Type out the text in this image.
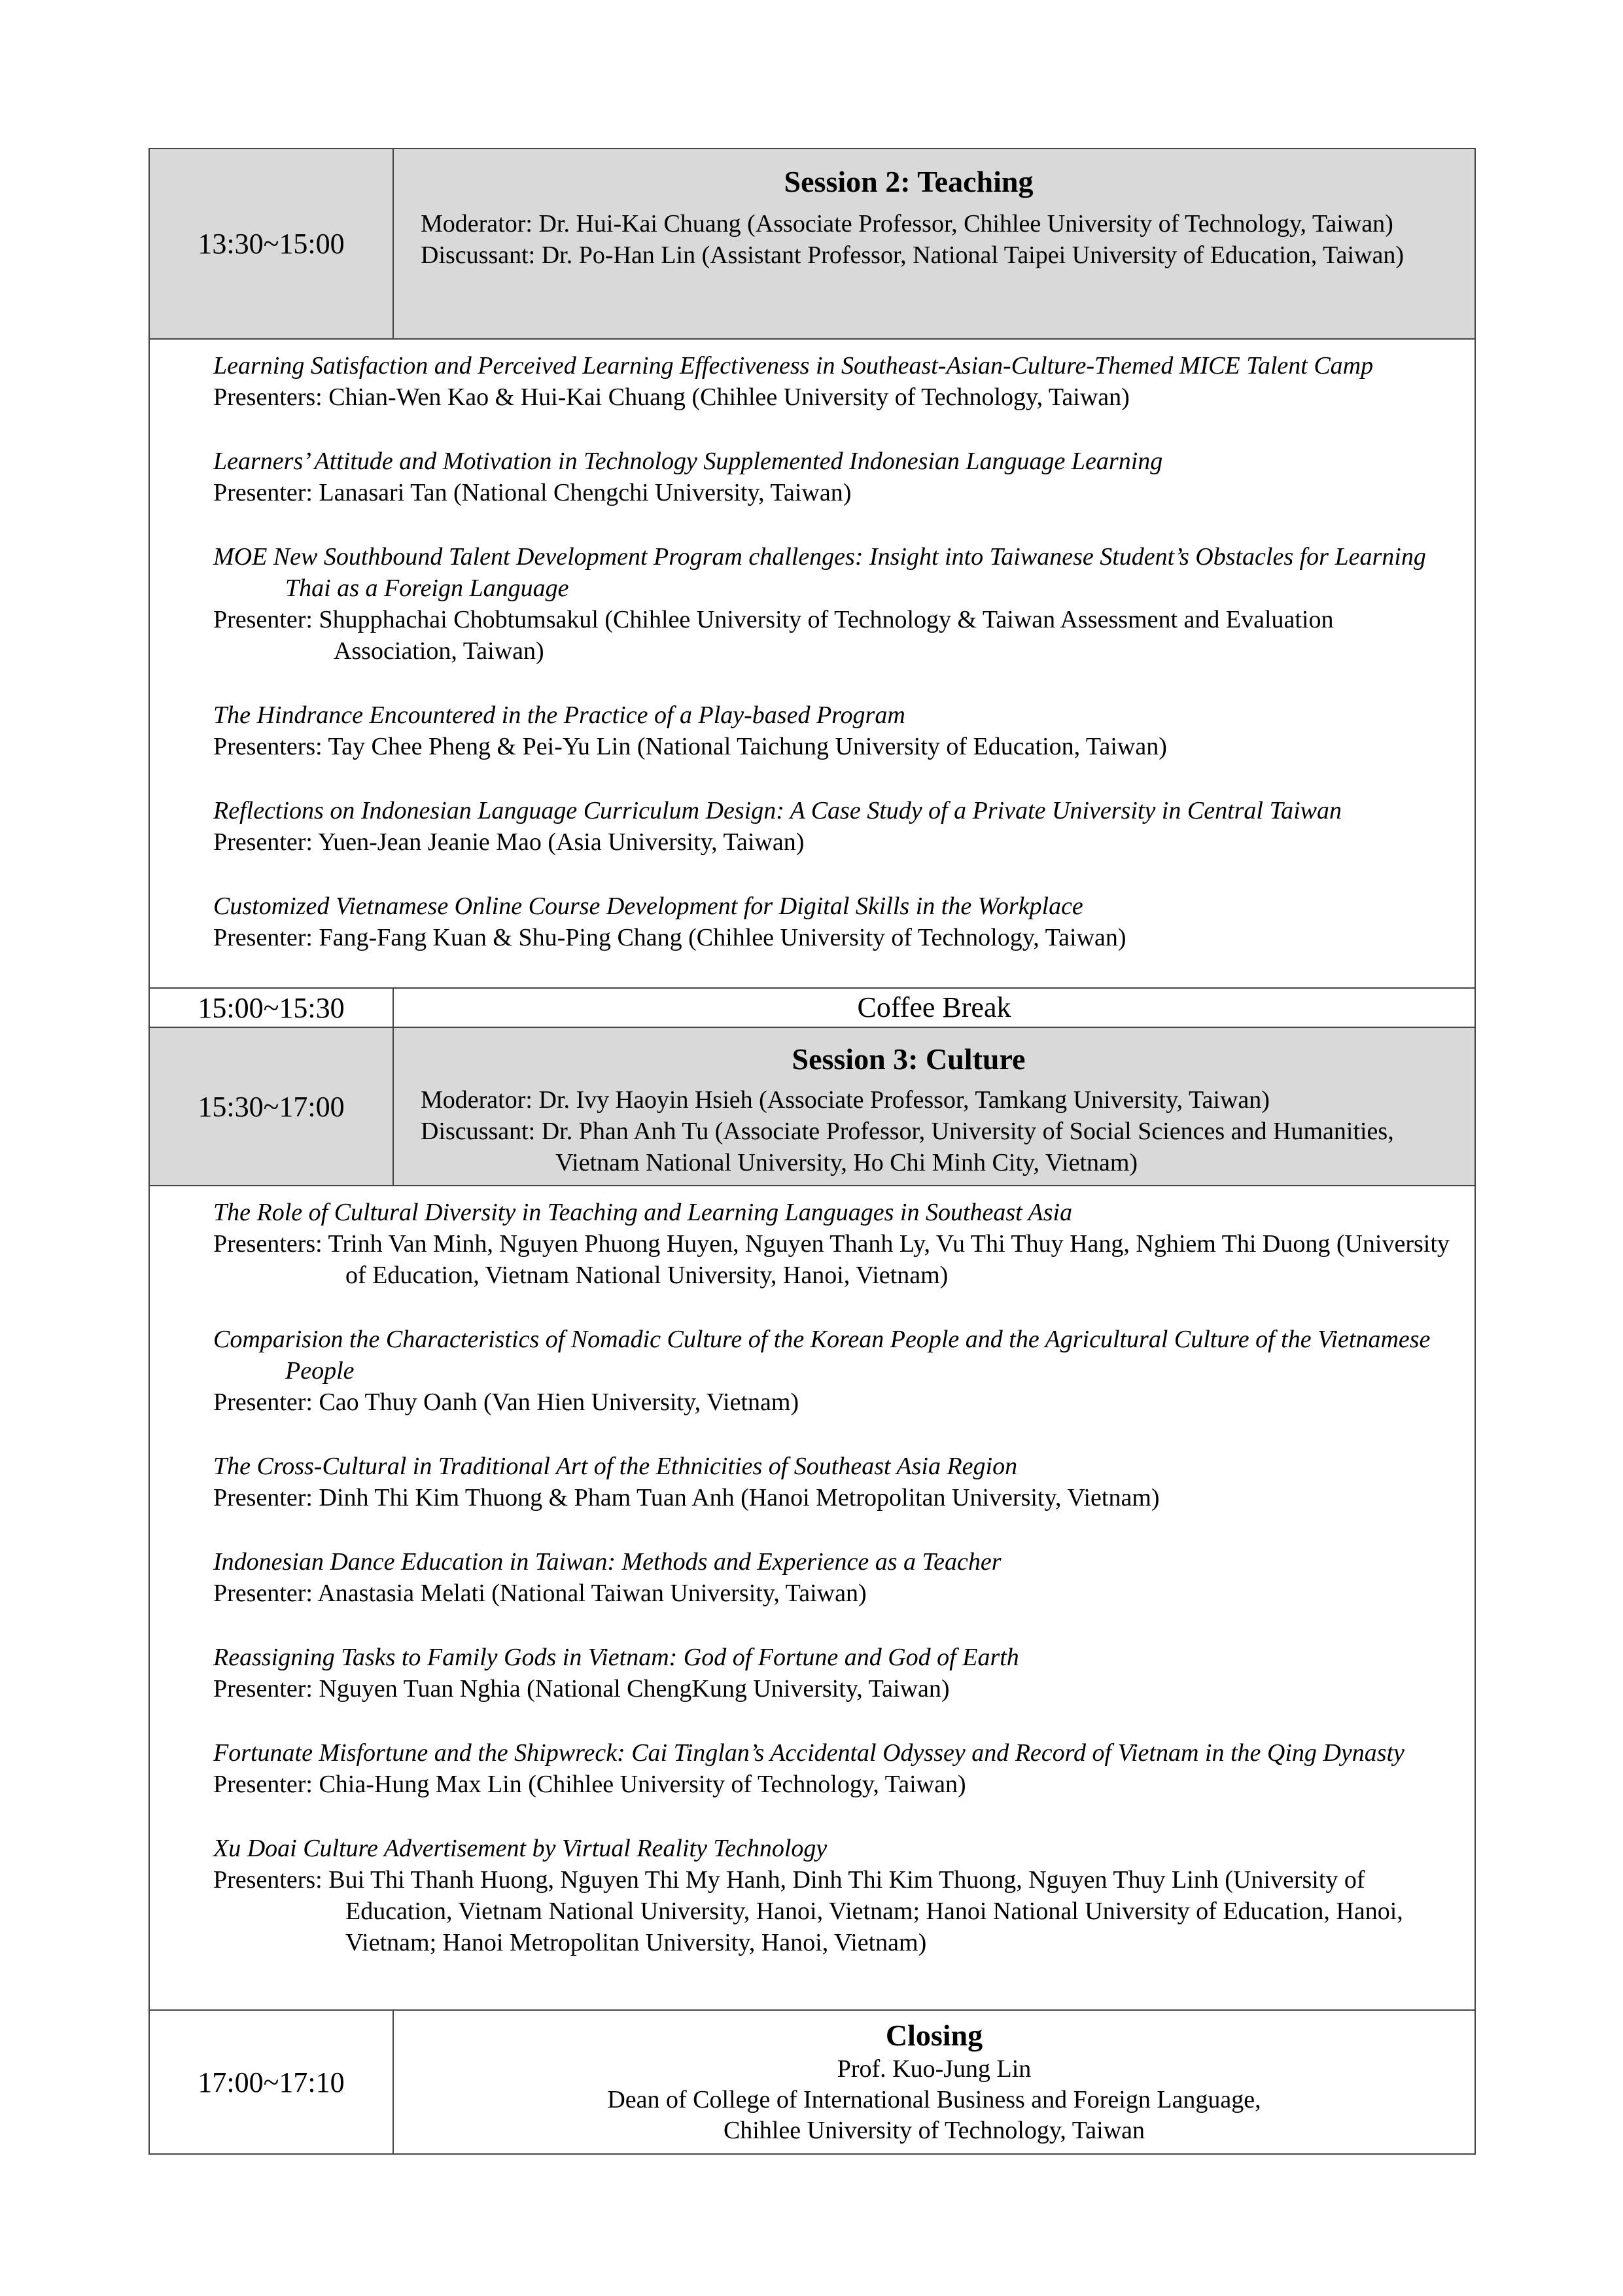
13:30~15:00
Session 2: Teaching
Moderator: Dr. Hui-Kai Chuang (Associate Professor, Chihlee University of Technology, Taiwan)
Discussant: Dr. Po-Han Lin (Assistant Professor, National Taipei University of Education, Taiwan)
Learning Satisfaction and Perceived Learning Effectiveness in Southeast-Asian-Culture-Themed MICE Talent Camp
Presenters: Chian-Wen Kao & Hui-Kai Chuang (Chihlee University of Technology, Taiwan)
Learners’ Attitude and Motivation in Technology Supplemented Indonesian Language Learning
Presenter: Lanasari Tan (National Chengchi University, Taiwan)
MOE New Southbound Talent Development Program challenges: Insight into Taiwanese Student’s Obstacles for Learning Thai as a Foreign Language
Presenter: Shupphachai Chobtumsakul (Chihlee University of Technology & Taiwan Assessment and Evaluation Association, Taiwan)
The Hindrance Encountered in the Practice of a Play-based Program
Presenters: Tay Chee Pheng & Pei-Yu Lin (National Taichung University of Education, Taiwan)
Reflections on Indonesian Language Curriculum Design: A Case Study of a Private University in Central Taiwan
Presenter: Yuen-Jean Jeanie Mao (Asia University, Taiwan)
Customized Vietnamese Online Course Development for Digital Skills in the Workplace
Presenter: Fang-Fang Kuan & Shu-Ping Chang (Chihlee University of Technology, Taiwan)
15:00~15:30	Coffee Break
15:30~17:00
Session 3: Culture
Moderator: Dr. Ivy Haoyin Hsieh (Associate Professor, Tamkang University, Taiwan)
Discussant: Dr. Phan Anh Tu (Associate Professor, University of Social Sciences and Humanities, Vietnam National University, Ho Chi Minh City, Vietnam)
The Role of Cultural Diversity in Teaching and Learning Languages in Southeast Asia
Presenters: Trinh Van Minh, Nguyen Phuong Huyen, Nguyen Thanh Ly, Vu Thi Thuy Hang, Nghiem Thi Duong (University of Education, Vietnam National University, Hanoi, Vietnam)
Comparision the Characteristics of Nomadic Culture of the Korean People and the Agricultural Culture of the Vietnamese People
Presenter: Cao Thuy Oanh (Van Hien University, Vietnam)
The Cross-Cultural in Traditional Art of the Ethnicities of Southeast Asia Region
Presenter: Dinh Thi Kim Thuong & Pham Tuan Anh (Hanoi Metropolitan University, Vietnam)
Indonesian Dance Education in Taiwan: Methods and Experience as a Teacher
Presenter: Anastasia Melati (National Taiwan University, Taiwan)
Reassigning Tasks to Family Gods in Vietnam: God of Fortune and God of Earth
Presenter: Nguyen Tuan Nghia (National ChengKung University, Taiwan)
Fortunate Misfortune and the Shipwreck: Cai Tinglan’s Accidental Odyssey and Record of Vietnam in the Qing Dynasty
Presenter: Chia-Hung Max Lin (Chihlee University of Technology, Taiwan)
Xu Doai Culture Advertisement by Virtual Reality Technology
Presenters: Bui Thi Thanh Huong, Nguyen Thi My Hanh, Dinh Thi Kim Thuong, Nguyen Thuy Linh (University of Education, Vietnam National University, Hanoi, Vietnam; Hanoi National University of Education, Hanoi, Vietnam; Hanoi Metropolitan University, Hanoi, Vietnam)
17:00~17:10
Closing
Prof. Kuo-Jung Lin
Dean of College of International Business and Foreign Language,
Chihlee University of Technology, Taiwan
